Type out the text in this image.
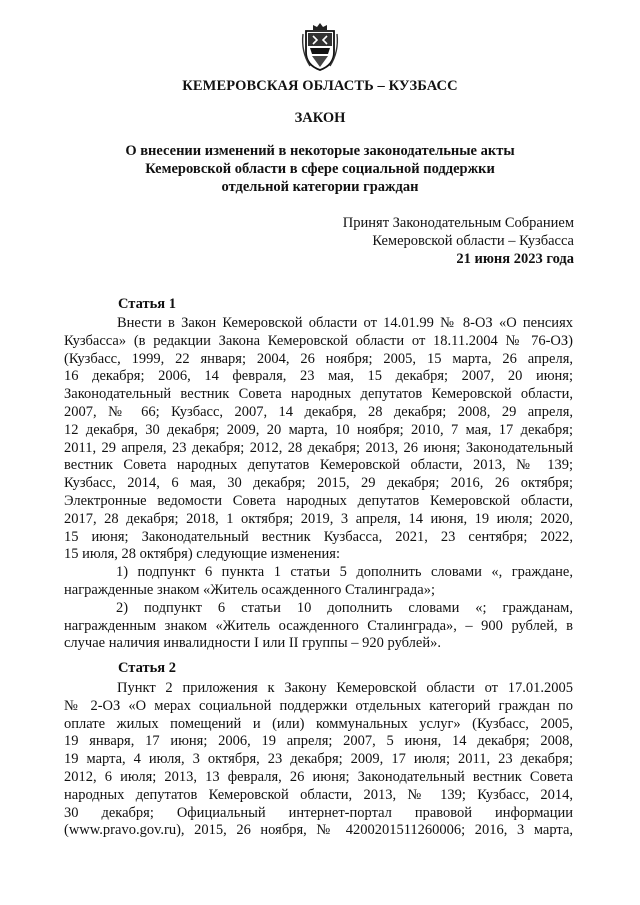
КЕМЕРОВСКАЯ ОБЛАСТЬ – КУЗБАСС
ЗАКОН
О внесении изменений в некоторые законодательные акты
Кемеровской области в сфере социальной поддержки
отдельной категории граждан
Принят Законодательным Собранием
Кемеровской области – Кузбасса
21 июня 2023 года
Статья 1
Внести в Закон Кемеровской области от 14.01.99 № 8-ОЗ «О пенсиях
Кузбасса» (в редакции Закона Кемеровской области от 18.11.2004 № 76-ОЗ)
(Кузбасс, 1999, 22 января; 2004, 26 ноября; 2005, 15 марта, 26 апреля,
16 декабря; 2006, 14 февраля, 23 мая, 15 декабря; 2007, 20 июня;
Законодательный вестник Совета народных депутатов Кемеровской области,
2007, № 66; Кузбасс, 2007, 14 декабря, 28 декабря; 2008, 29 апреля,
12 декабря, 30 декабря; 2009, 20 марта, 10 ноября; 2010, 7 мая, 17 декабря;
2011, 29 апреля, 23 декабря; 2012, 28 декабря; 2013, 26 июня; Законодательный
вестник Совета народных депутатов Кемеровской области, 2013, № 139;
Кузбасс, 2014, 6 мая, 30 декабря; 2015, 29 декабря; 2016, 26 октября;
Электронные ведомости Совета народных депутатов Кемеровской области,
2017, 28 декабря; 2018, 1 октября; 2019, 3 апреля, 14 июня, 19 июля; 2020,
15 июня; Законодательный вестник Кузбасса, 2021, 23 сентября; 2022,
15 июля, 28 октября) следующие изменения:
1) подпункт 6 пункта 1 статьи 5 дополнить словами «, граждане,
награжденные знаком «Житель осажденного Сталинграда»;
2) подпункт 6 статьи 10 дополнить словами «; гражданам,
награжденным знаком «Житель осажденного Сталинграда», – 900 рублей, в
случае наличия инвалидности I или II группы – 920 рублей».
Статья 2
Пункт 2 приложения к Закону Кемеровской области от 17.01.2005
№ 2-ОЗ «О мерах социальной поддержки отдельных категорий граждан по
оплате жилых помещений и (или) коммунальных услуг» (Кузбасс, 2005,
19 января, 17 июня; 2006, 19 апреля; 2007, 5 июня, 14 декабря; 2008,
19 марта, 4 июля, 3 октября, 23 декабря; 2009, 17 июля; 2011, 23 декабря;
2012, 6 июля; 2013, 13 февраля, 26 июня; Законодательный вестник Совета
народных депутатов Кемеровской области, 2013, № 139; Кузбасс, 2014,
30 декабря; Официальный интернет-портал правовой информации
(www.pravo.gov.ru), 2015, 26 ноября, № 4200201511260006; 2016, 3 марта,
